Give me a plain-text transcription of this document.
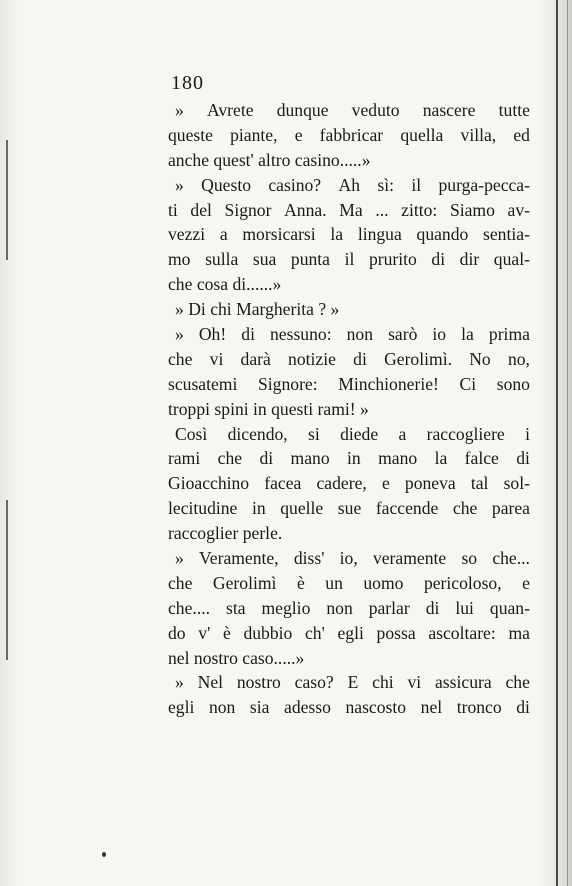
180
» Avrete dunque veduto nascere tutte
queste piante, e fabbricar quella villa, ed
anche quest' altro casino.....»
» Questo casino? Ah sì: il purga-pecca-
ti del Signor Anna. Ma ... zitto: Siamo av-
vezzi a morsicarsi la lingua quando sentia-
mo sulla sua punta il prurito di dir qual-
che cosa di......»
» Di chi Margherita ? »
» Oh! di nessuno: non sarò io la prima
che vi darà notizie di Gerolimì. No no,
scusatemi Signore: Minchionerie! Ci sono
troppi spini in questi rami! »
Così dicendo, si diede a raccogliere i
rami che di mano in mano la falce di
Gioacchino facea cadere, e poneva tal sol-
lecitudine in quelle sue faccende che parea
raccoglier perle.
» Veramente, diss' io, veramente so che...
che Gerolimì è un uomo pericoloso, e
che.... sta meglio non parlar di lui quan-
do v' è dubbio ch' egli possa ascoltare: ma
nel nostro caso.....»
» Nel nostro caso? E chi vi assicura che
egli non sia adesso nascosto nel tronco di
